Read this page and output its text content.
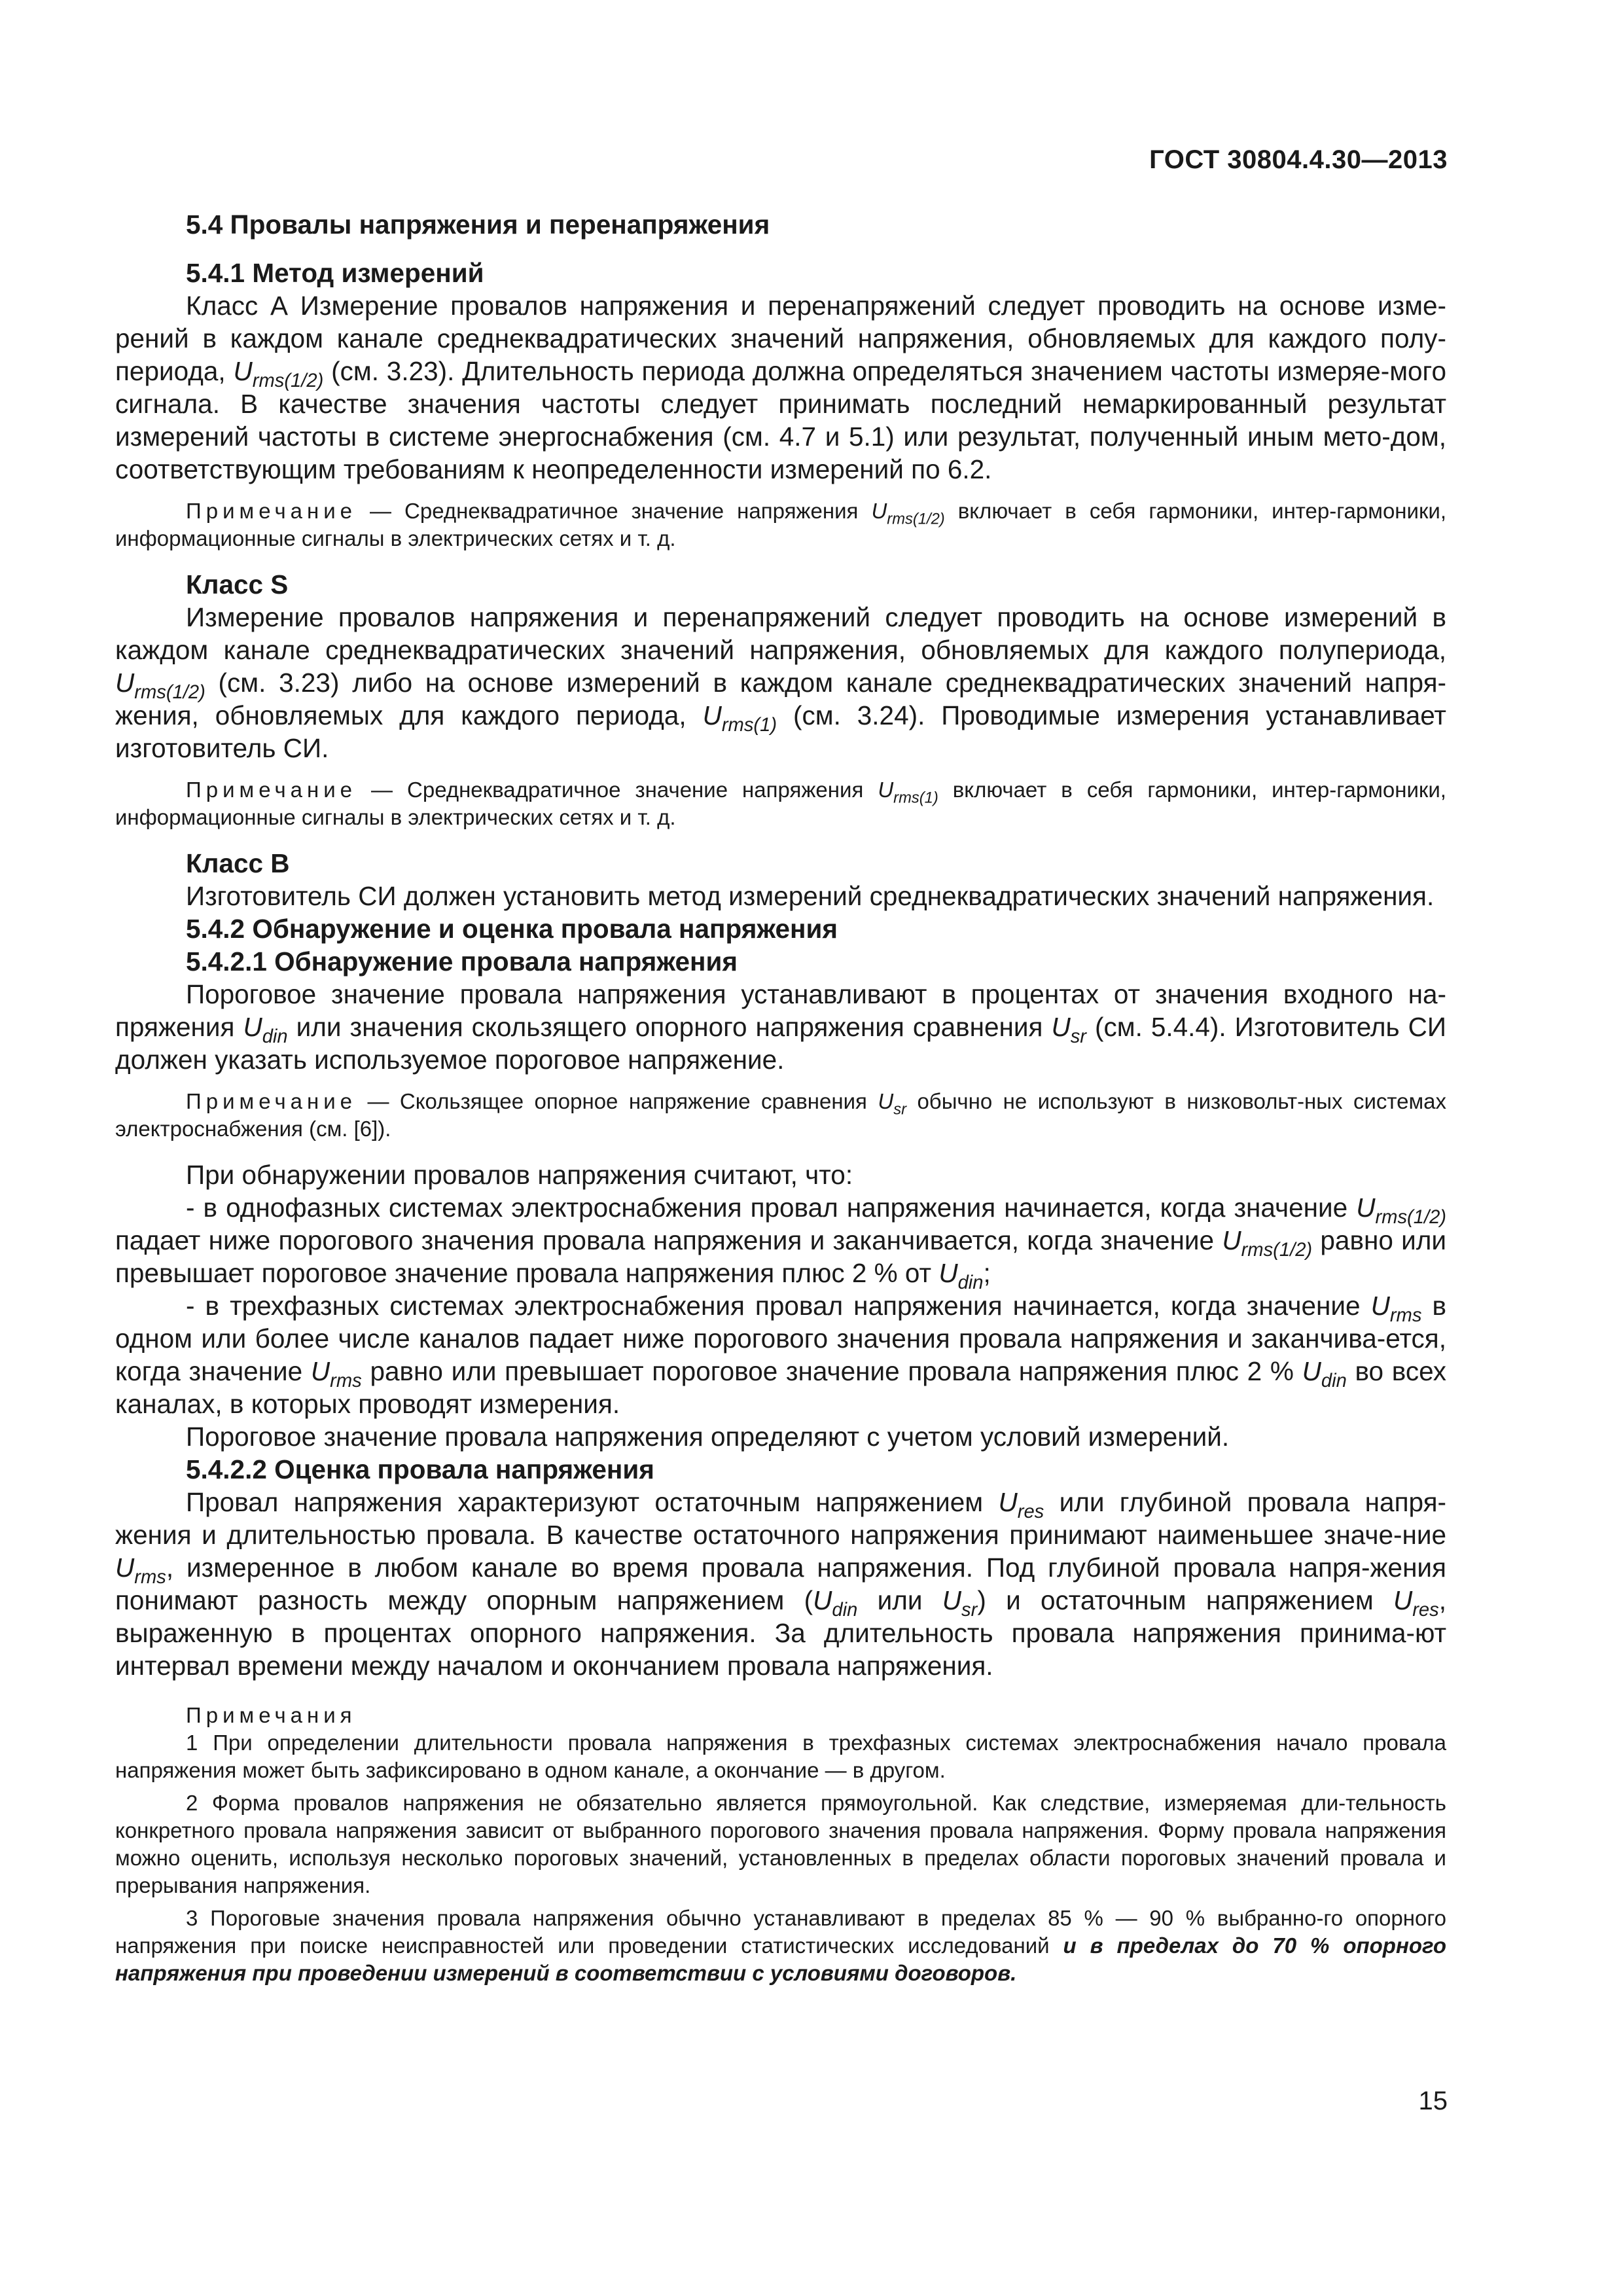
ГОСТ 30804.4.30—2013

5.4 Провалы напряжения и перенапряжения

5.4.1 Метод измерений

Класс А Измерение провалов напряжения и перенапряжений следует проводить на основе изме-рений в каждом канале среднеквадратических значений напряжения, обновляемых для каждого полу-периода, $U_{rms(1/2)}$ (см. 3.23). Длительность периода должна определяться значением частоты измеряе-мого сигнала. В качестве значения частоты следует принимать последний немаркированный результат измерений частоты в системе энергоснабжения (см. 4.7 и 5.1) или результат, полученный иным мето-дом, соответствующим требованиям к неопределенности измерений по 6.2.

Примечание — Среднеквадратичное значение напряжения $U_{rms(1/2)}$ включает в себя гармоники, интер-гармоники, информационные сигналы в электрических сетях и т. д.

Класс S

Измерение провалов напряжения и перенапряжений следует проводить на основе измерений в каждом канале среднеквадратических значений напряжения, обновляемых для каждого полупериода, $U_{rms(1/2)}$ (см. 3.23) либо на основе измерений в каждом канале среднеквадратических значений напря-жения, обновляемых для каждого периода, $U_{rms(1)}$ (см. 3.24). Проводимые измерения устанавливает изготовитель СИ.

Примечание — Среднеквадратичное значение напряжения $U_{rms(1)}$ включает в себя гармоники, интер-гармоники, информационные сигналы в электрических сетях и т. д.

Класс В

Изготовитель СИ должен установить метод измерений среднеквадратических значений напряжения.

5.4.2 Обнаружение и оценка провала напряжения

5.4.2.1 Обнаружение провала напряжения

Пороговое значение провала напряжения устанавливают в процентах от значения входного на-пряжения $U_{din}$ или значения скользящего опорного напряжения сравнения $U_{sr}$ (см. 5.4.4). Изготовитель СИ должен указать используемое пороговое напряжение.

Примечание — Скользящее опорное напряжение сравнения $U_{sr}$ обычно не используют в низковольт-ных системах электроснабжения (см. [6]).

При обнаружении провалов напряжения считают, что:

- в однофазных системах электроснабжения провал напряжения начинается, когда значение $U_{rms(1/2)}$ падает ниже порогового значения провала напряжения и заканчивается, когда значение $U_{rms(1/2)}$ равно или превышает пороговое значение провала напряжения плюс 2 % от $U_{din}$;

- в трехфазных системах электроснабжения провал напряжения начинается, когда значение $U_{rms}$ в одном или более числе каналов падает ниже порогового значения провала напряжения и заканчива-ется, когда значение $U_{rms}$ равно или превышает пороговое значение провала напряжения плюс 2 % $U_{din}$ во всех каналах, в которых проводят измерения.

Пороговое значение провала напряжения определяют с учетом условий измерений.

5.4.2.2 Оценка провала напряжения

Провал напряжения характеризуют остаточным напряжением $U_{res}$ или глубиной провала напря-жения и длительностью провала. В качестве остаточного напряжения принимают наименьшее значе-ние $U_{rms}$, измеренное в любом канале во время провала напряжения. Под глубиной провала напря-жения понимают разность между опорным напряжением ($U_{din}$ или $U_{sr}$) и остаточным напряжением $U_{res}$, выраженную в процентах опорного напряжения. За длительность провала напряжения принима-ют интервал времени между началом и окончанием провала напряжения.

Примечания

1 При определении длительности провала напряжения в трехфазных системах электроснабжения начало провала напряжения может быть зафиксировано в одном канале, а окончание — в другом.

2 Форма провалов напряжения не обязательно является прямоугольной. Как следствие, измеряемая дли-тельность конкретного провала напряжения зависит от выбранного порогового значения провала напряжения. Форму провала напряжения можно оценить, используя несколько пороговых значений, установленных в пределах области пороговых значений провала и прерывания напряжения.

3 Пороговые значения провала напряжения обычно устанавливают в пределах 85 % — 90 % выбранно-го опорного напряжения при поиске неисправностей или проведении статистических исследований и в пределах до 70 % опорного напряжения при проведении измерений в соответствии с условиями договоров.

15
